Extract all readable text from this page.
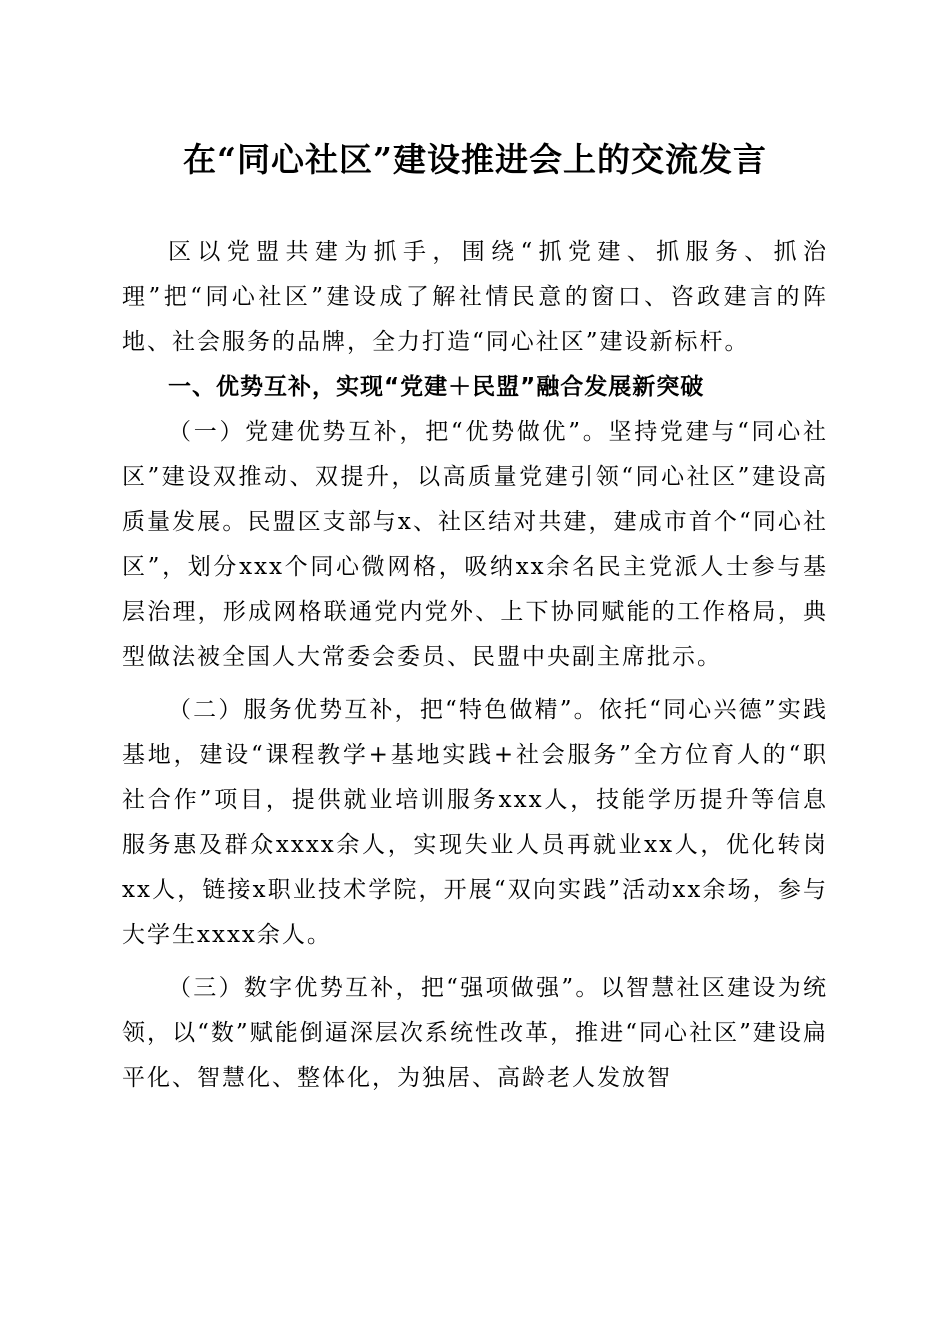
在“同心社区”建设推进会上的交流发言

区以党盟共建为抓手，围绕“抓党建、抓服务、抓治理”把“同心社区”建设成了解社情民意的窗口、咨政建言的阵地、社会服务的品牌，全力打造“同心社区”建设新标杆。

一、优势互补，实现“党建＋民盟”融合发展新突破

（一）党建优势互补，把“优势做优”。坚持党建与“同心社区”建设双推动、双提升，以高质量党建引领“同心社区”建设高质量发展。民盟区支部与x、社区结对共建，建成市首个“同心社区”，划分xxx个同心微网格，吸纳xx余名民主党派人士参与基层治理，形成网格联通党内党外、上下协同赋能的工作格局，典型做法被全国人大常委会委员、民盟中央副主席批示。

（二）服务优势互补，把“特色做精”。依托“同心兴德”实践基地，建设“课程教学+基地实践+社会服务”全方位育人的“职社合作”项目，提供就业培训服务xxx人，技能学历提升等信息服务惠及群众xxxx余人，实现失业人员再就业xx人，优化转岗xx人，链接x职业技术学院，开展“双向实践”活动xx余场，参与大学生xxxx余人。

（三）数字优势互补，把“强项做强”。以智慧社区建设为统领，以“数”赋能倒逼深层次系统性改革，推进“同心社区”建设扁平化、智慧化、整体化，为独居、高龄老人发放智
